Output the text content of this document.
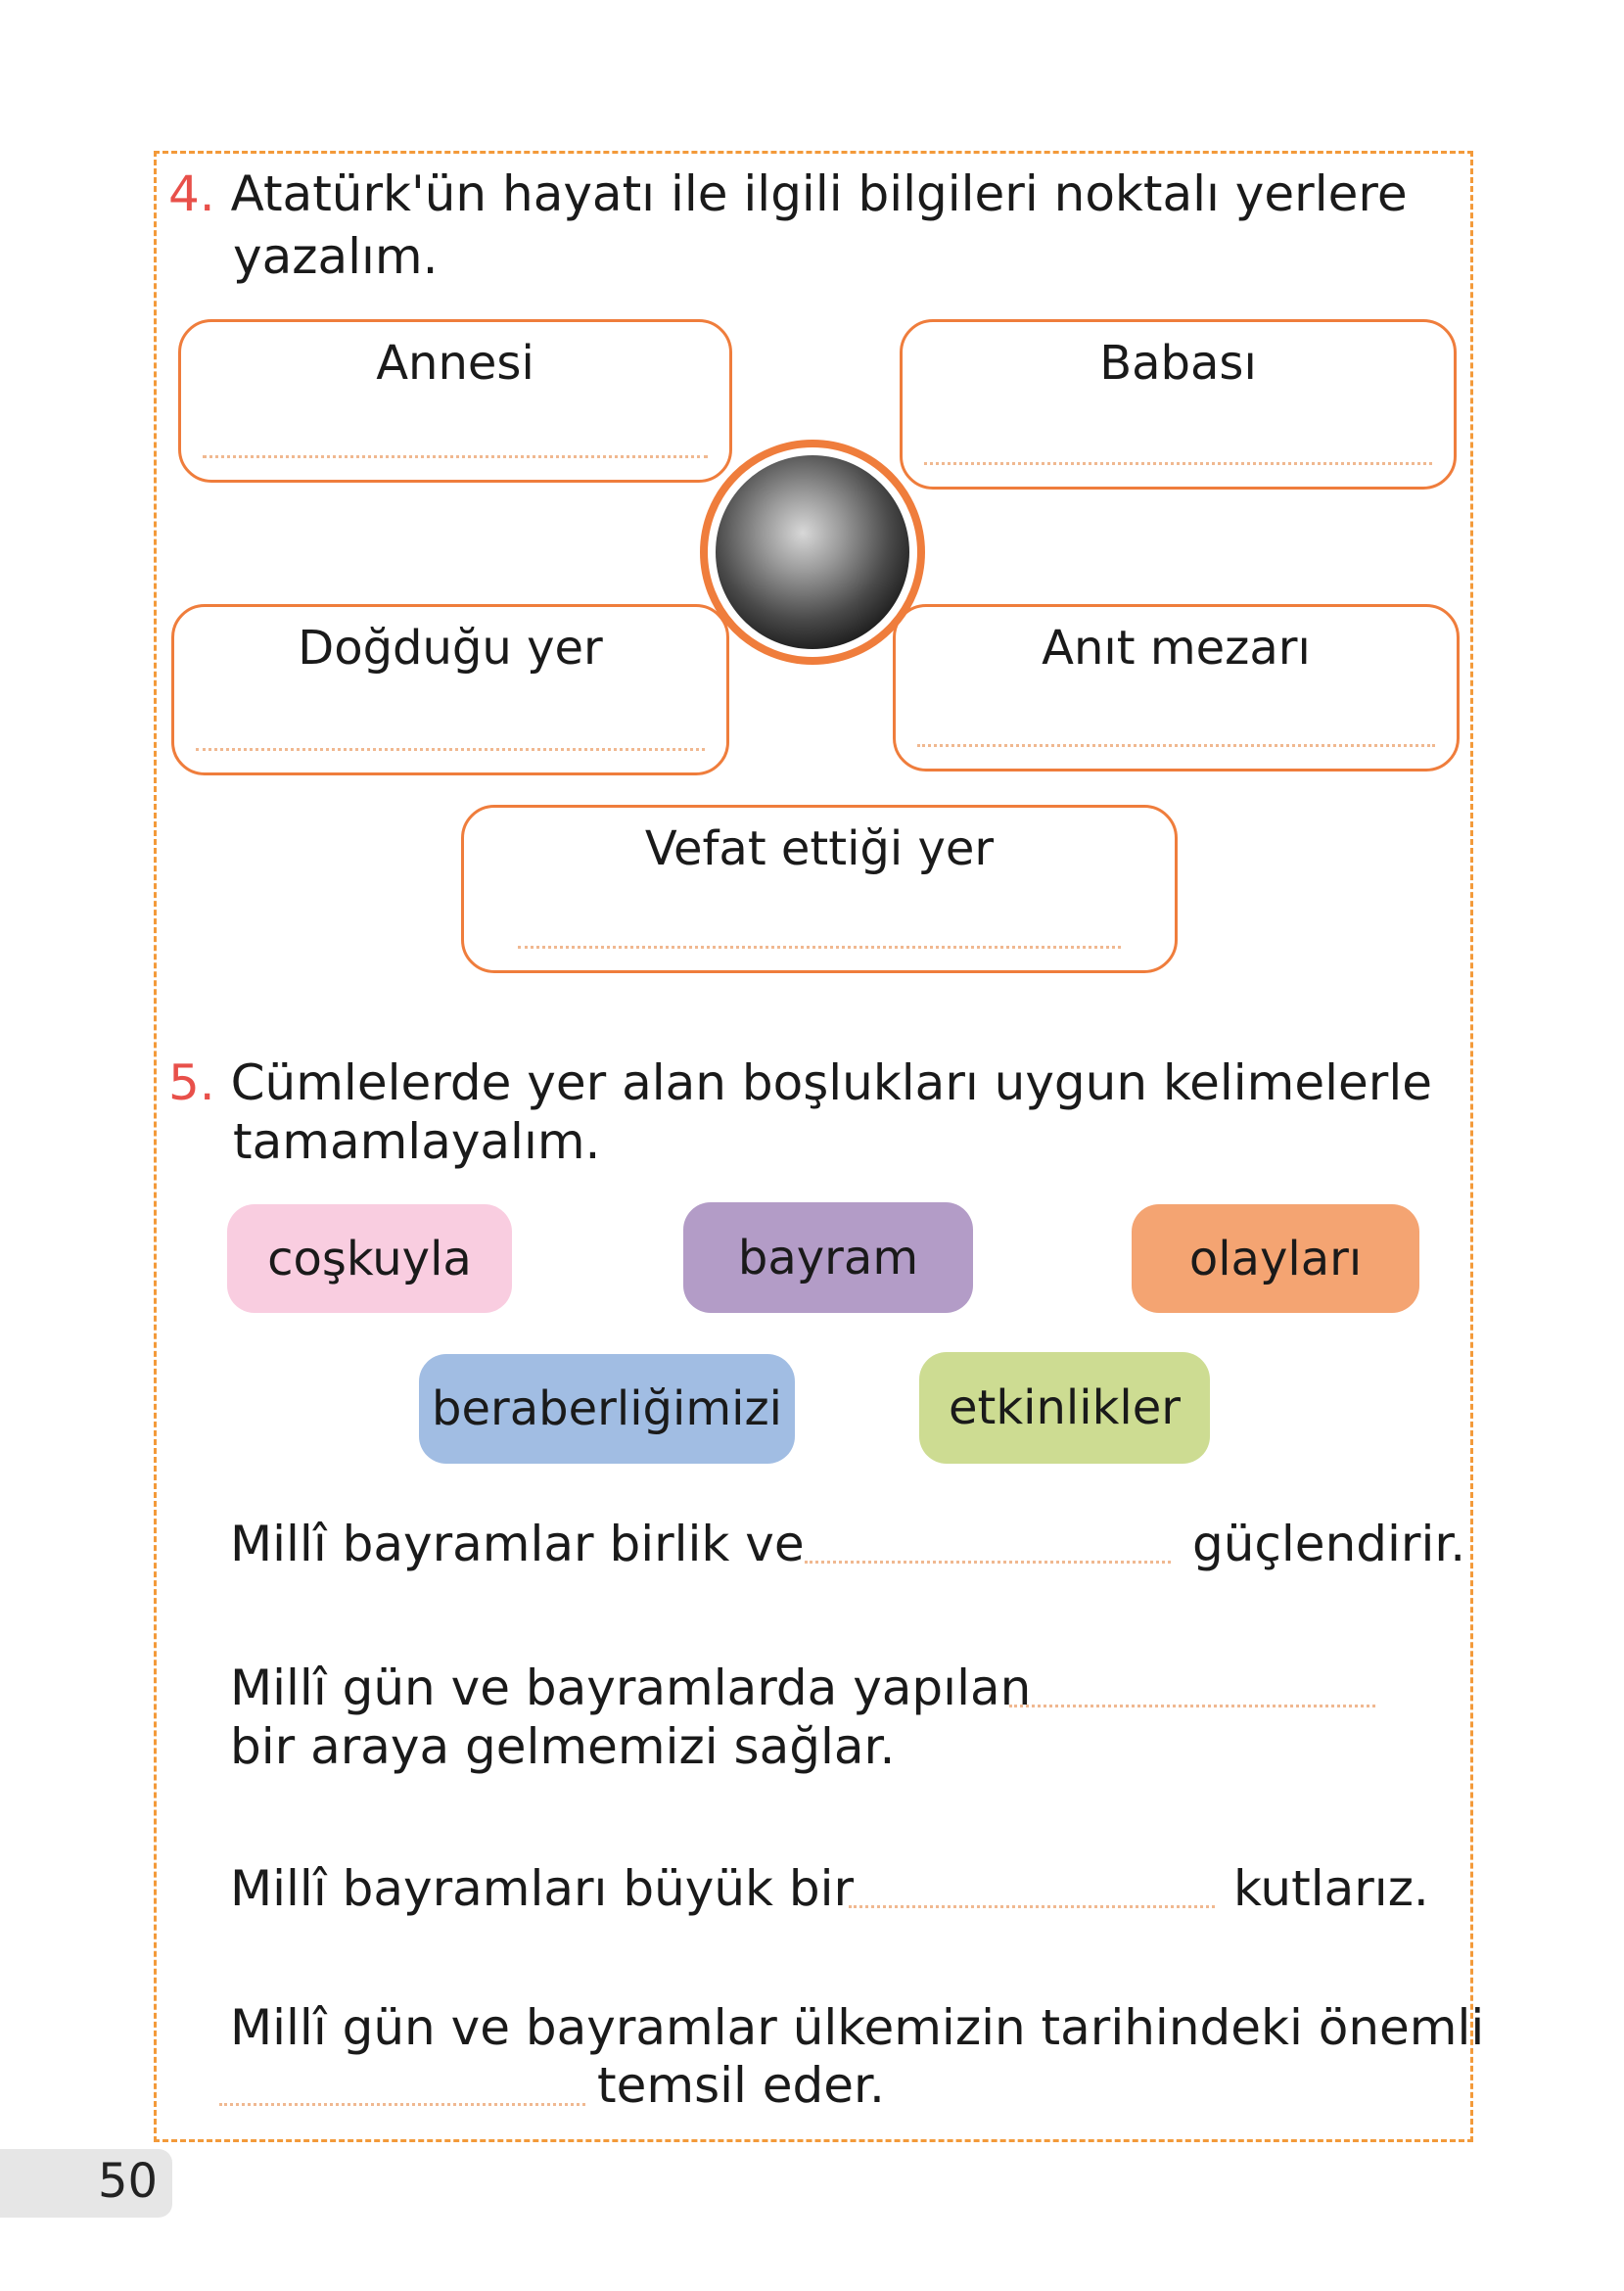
4. Atatürk'ün hayatı ile ilgili bilgileri noktalı yerlere
yazalım.
Annesi	Babası
Doğduğu yer	Anıt mezarı
Vefat ettiği yer
5. Cümlelerde yer alan boşlukları uygun kelimelerle
tamamlayalım.
coşkuyla	bayram	olayları
beraberliğimizi	etkinlikler
Millî bayramlar birlik ve	güçlendirir.
Millî gün ve bayramlarda yapılan
bir araya gelmemizi sağlar.
Millî bayramları büyük bir	kutlarız.
Millî gün ve bayramlar ülkemizin tarihindeki önemli
temsil eder.
50
